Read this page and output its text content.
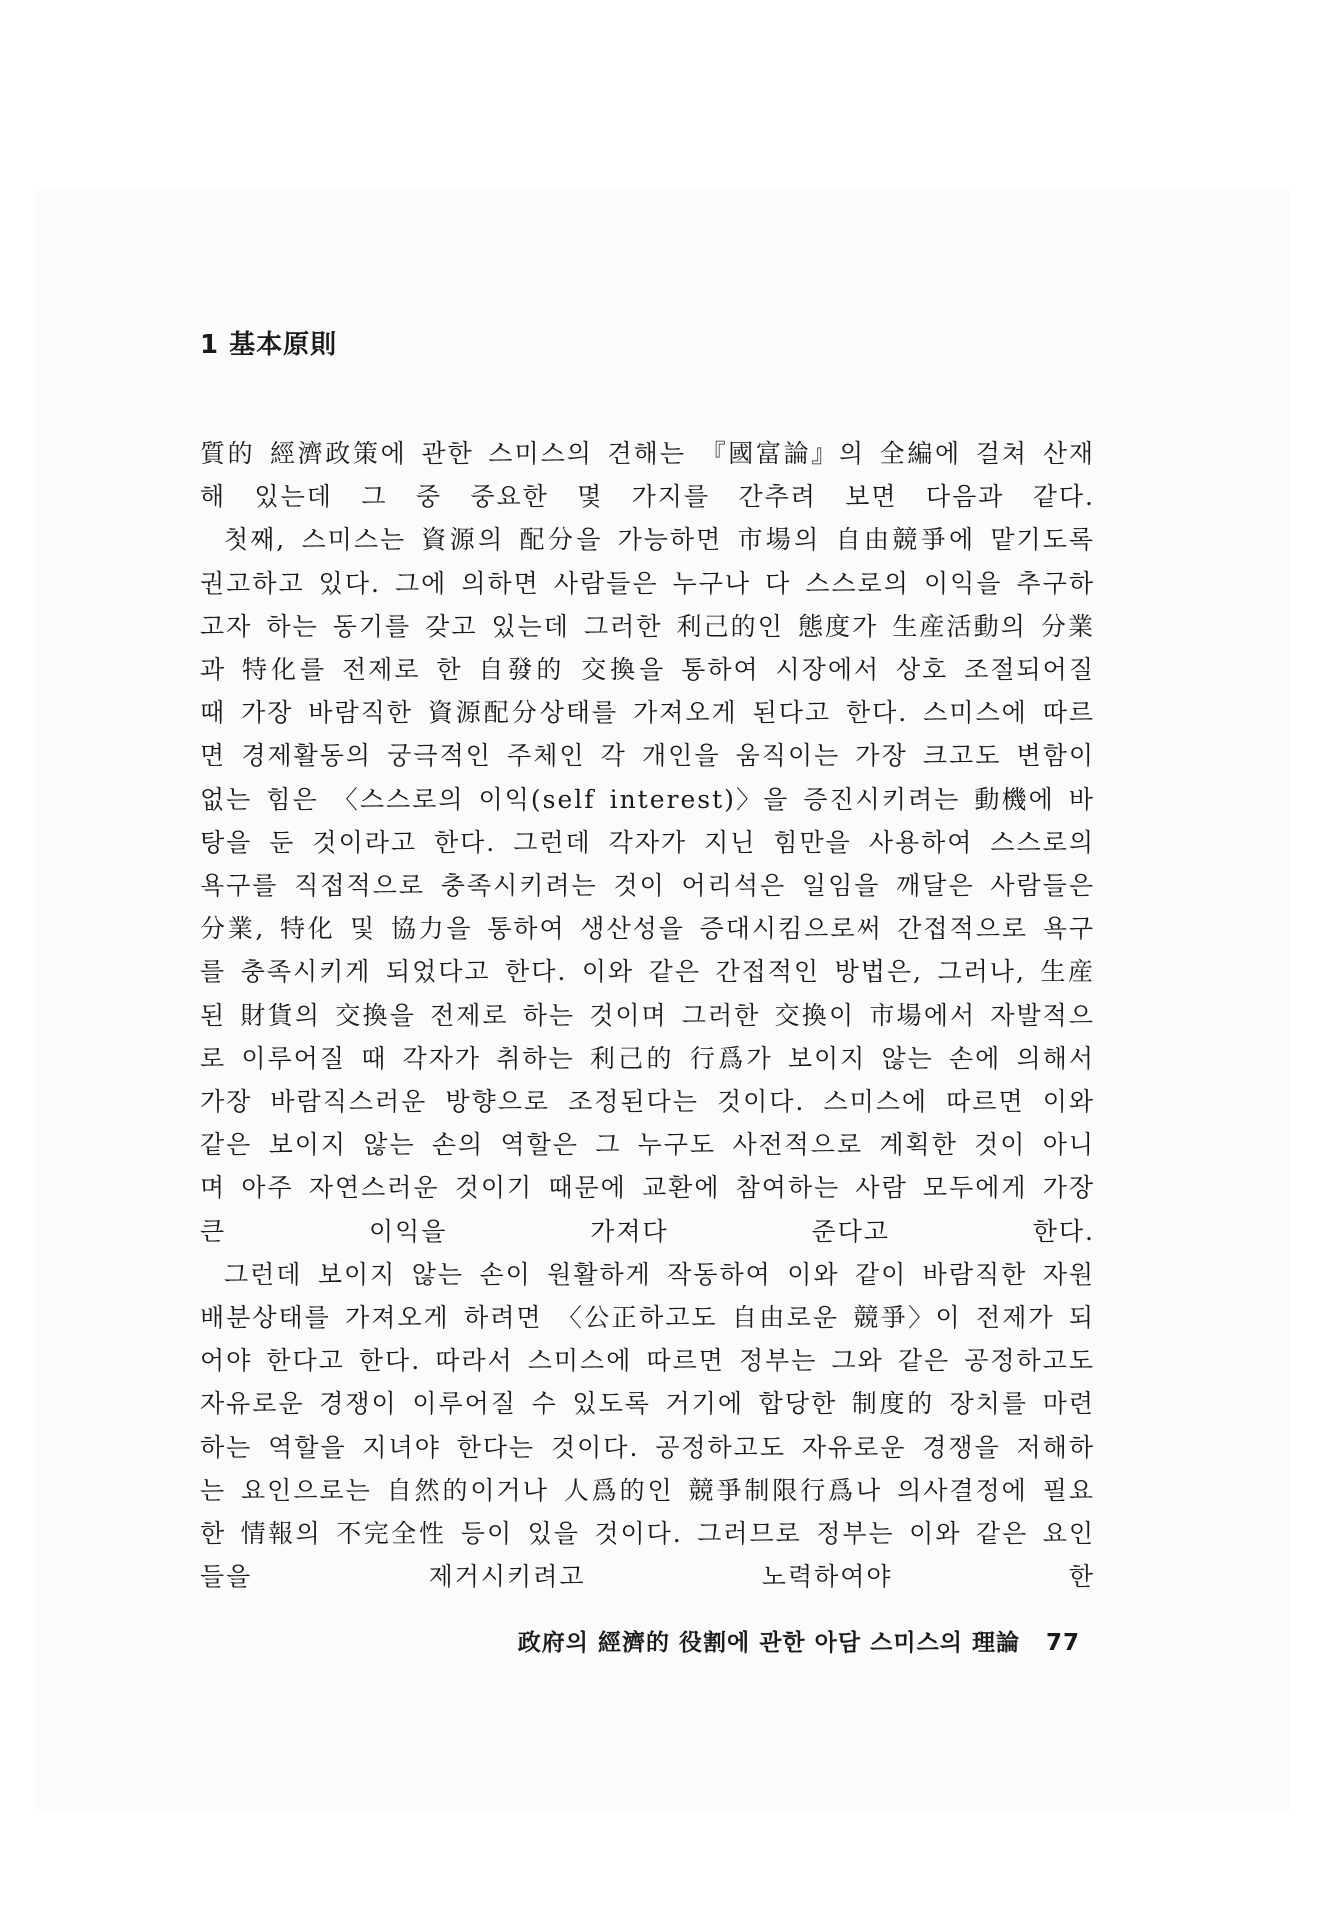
1 基本原則

質的 經濟政策에 관한 스미스의 견해는 『國富論』의 全編에 걸쳐 산재해 있는데 그 중 중요한 몇 가지를 간추려 보면 다음과 같다.

첫째, 스미스는 資源의 配分을 가능하면 市場의 自由競爭에 맡기도록 권고하고 있다. 그에 의하면 사람들은 누구나 다 스스로의 이익을 추구하고자 하는 동기를 갖고 있는데 그러한 利己的인 態度가 生産活動의 分業과 特化를 전제로 한 自發的 交換을 통하여 시장에서 상호 조절되어질 때 가장 바람직한 資源配分상태를 가져오게 된다고 한다. 스미스에 따르면 경제활동의 궁극적인 주체인 각 개인을 움직이는 가장 크고도 변함이 없는 힘은 〈스스로의 이익(self interest)〉을 증진시키려는 動機에 바탕을 둔 것이라고 한다. 그런데 각자가 지닌 힘만을 사용하여 스스로의 욕구를 직접적으로 충족시키려는 것이 어리석은 일임을 깨달은 사람들은 分業, 特化 및 協力을 통하여 생산성을 증대시킴으로써 간접적으로 욕구를 충족시키게 되었다고 한다. 이와 같은 간접적인 방법은, 그러나, 生産된 財貨의 交換을 전제로 하는 것이며 그러한 交換이 市場에서 자발적으로 이루어질 때 각자가 취하는 利己的 行爲가 보이지 않는 손에 의해서 가장 바람직스러운 방향으로 조정된다는 것이다. 스미스에 따르면 이와 같은 보이지 않는 손의 역할은 그 누구도 사전적으로 계획한 것이 아니며 아주 자연스러운 것이기 때문에 교환에 참여하는 사람 모두에게 가장 큰 이익을 가져다 준다고 한다.

그런데 보이지 않는 손이 원활하게 작동하여 이와 같이 바람직한 자원배분상태를 가져오게 하려면 〈公正하고도 自由로운 競爭〉이 전제가 되어야 한다고 한다. 따라서 스미스에 따르면 정부는 그와 같은 공정하고도 자유로운 경쟁이 이루어질 수 있도록 거기에 합당한 制度的 장치를 마련하는 역할을 지녀야 한다는 것이다. 공정하고도 자유로운 경쟁을 저해하는 요인으로는 自然的이거나 人爲的인 競爭制限行爲나 의사결정에 필요한 情報의 不完全性 등이 있을 것이다. 그러므로 정부는 이와 같은 요인들을 제거시키려고 노력하여야 한

政府의 經濟的 役割에 관한 아담 스미스의 理論 77
